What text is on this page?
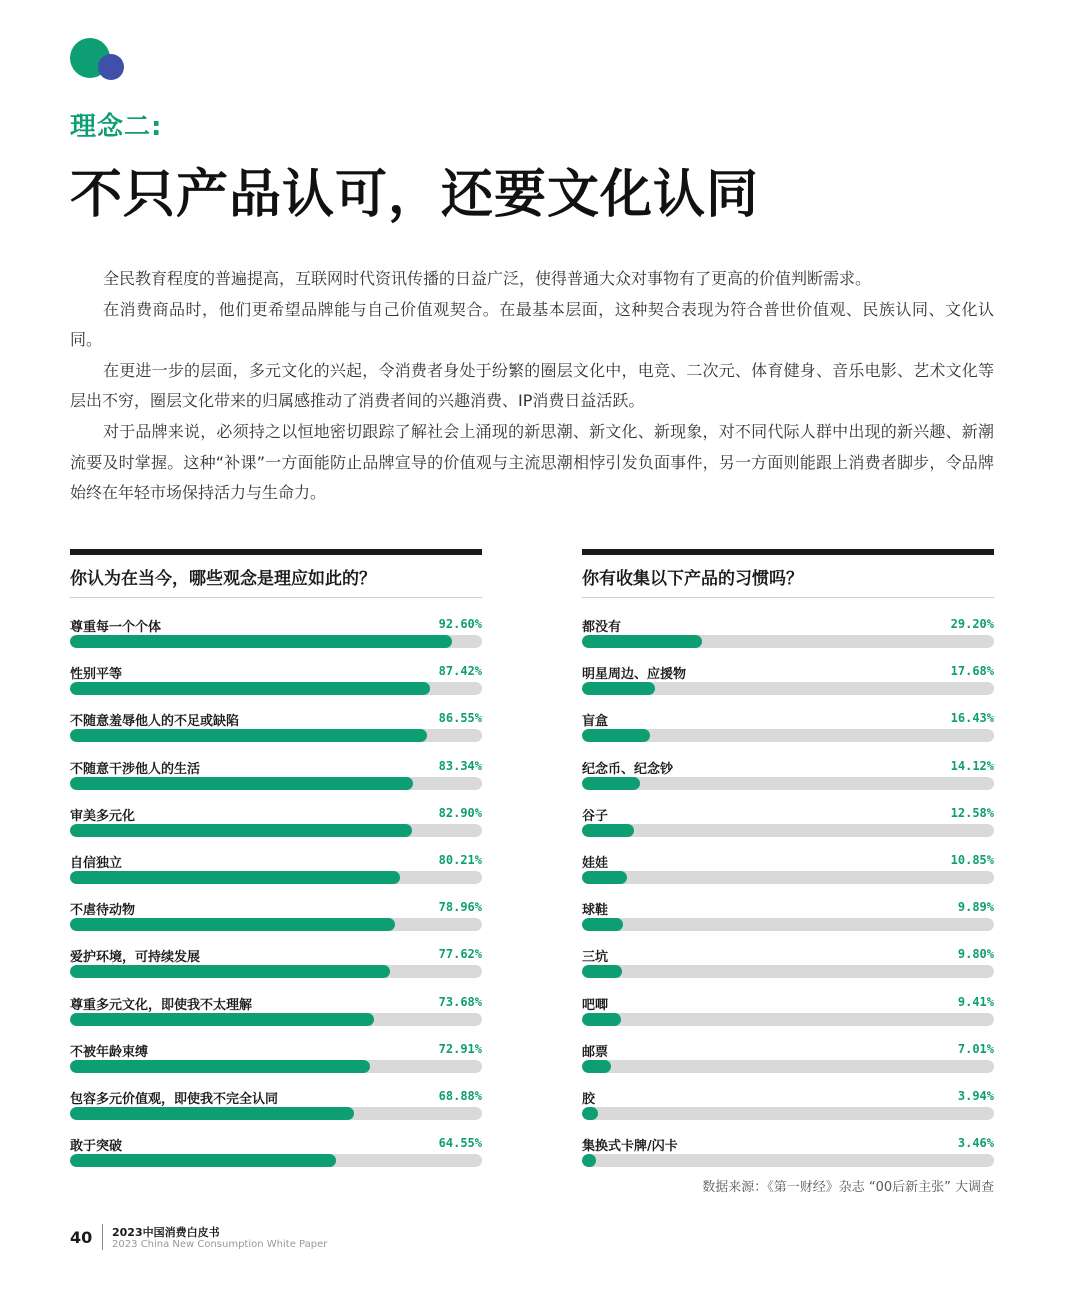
理念二:
不只产品认可，还要文化认同

全民教育程度的普遍提高，互联网时代资讯传播的日益广泛，使得普通大众对事物有了更高的价值判断需求。

在消费商品时，他们更希望品牌能与自己价值观契合。在最基本层面，这种契合表现为符合普世价值观、民族认同、文化认同。

在更进一步的层面，多元文化的兴起，令消费者身处于纷繁的圈层文化中，电竞、二次元、体育健身、音乐电影、艺术文化等层出不穷，圈层文化带来的归属感推动了消费者间的兴趣消费、IP消费日益活跃。

对于品牌来说，必须持之以恒地密切跟踪了解社会上涌现的新思潮、新文化、新现象，对不同代际人群中出现的新兴趣、新潮流要及时掌握。这种“补课”一方面能防止品牌宣导的价值观与主流思潮相悖引发负面事件，另一方面则能跟上消费者脚步，令品牌始终在年轻市场保持活力与生命力。

你认为在当今，哪些观念是理应如此的？
尊重每一个个体	92.60%
性别平等	87.42%
不随意羞辱他人的不足或缺陷	86.55%
不随意干涉他人的生活	83.34%
审美多元化	82.90%
自信独立	80.21%
不虐待动物	78.96%
爱护环境，可持续发展	77.62%
尊重多元文化，即使我不太理解	73.68%
不被年龄束缚	72.91%
包容多元价值观，即使我不完全认同	68.88%
敢于突破	64.55%
你有收集以下产品的习惯吗？
都没有	29.20%
明星周边、应援物	17.68%
盲盒	16.43%
纪念币、纪念钞	14.12%
谷子	12.58%
娃娃	10.85%
球鞋	9.89%
三坑	9.80%
吧唧	9.41%
邮票	7.01%
胶	3.94%
集换式卡牌/闪卡	3.46%
数据来源：《第一财经》杂志 “00后新主张” 大调查
40 2023中国消费白皮书
2023 China New Consumption White Paper
